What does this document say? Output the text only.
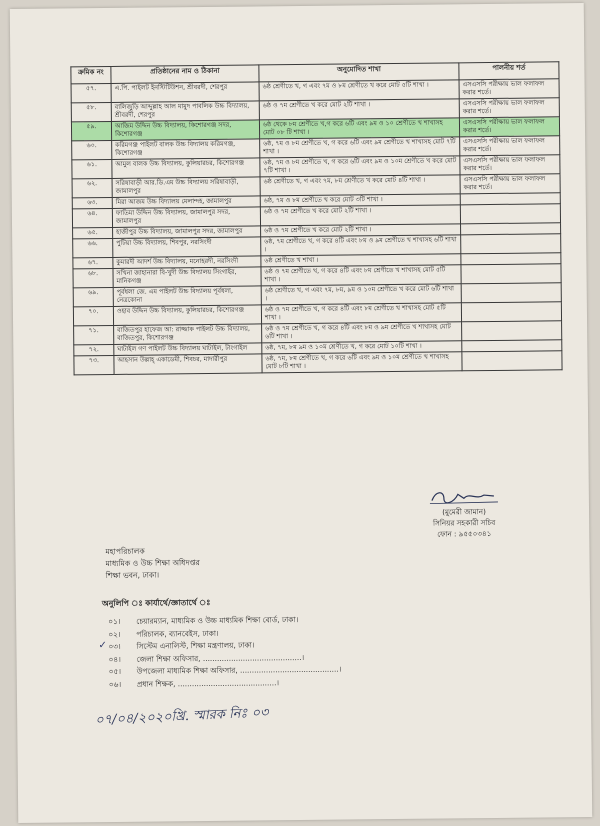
ক্রমিক নং	প্রতিষ্ঠানের নাম ও ঠিকানা	অনুমোদিত শাখা	পালনীয় শর্ত
৫৭.	এ.পি. পাইলট ইনস্টিটিউশন, শ্রীবরদী, শেরপুর	৬ষ্ঠ শ্রেণীতে খ, গ এবং ৭ম ও ৮ম শ্রেণীতে খ করে মোট ৫টি শাখা ।	এসএসসি পরীক্ষায় ভাল ফলাফল করার শর্তে।
৫৮.	বালিজুড়ি আব্দুল্লাহ আল মামুদ পাবলিক উচ্চ বিদ্যালয়, শ্রীবরদী, শেরপুর	৬ষ্ঠ ও ৭ম শ্রেণীতে খ করে মোট ২টি শাখা ।	এসএসসি পরীক্ষায় ভাল ফলাফল করার শর্তে।
৫৯.	আজিম উদ্দিন উচ্চ বিদ্যালয়, কিশোরগঞ্জ সদর, কিশোরগঞ্জ	৬ষ্ঠ থেকে ৮ম শ্রেণীতে খ,গ করে ৬টি এবং ৯ম ও ১০ শ্রেণীতে খ শাখাসহ মোট ০৮ টি শাখা ।	এসএসসি পরীক্ষায় ভাল ফলাফল করার শর্তে।
৬০.	করিমগঞ্জ পাইলট বালক উচ্চ বিদ্যালয় করিমগঞ্জ, কিশোরগঞ্জ	৬ষ্ঠ, ৭ম ও ৮ম শ্রেণীতে খ, গ করে ৬টি এবং ৯ম শ্রেণীতে খ শাখাসহ মোট ৭টি শাখা ।	এসএসসি পরীক্ষায় ভাল ফলাফল করার শর্তে।
৬১.	আমুল বালক উচ্চ বিদ্যালয়, কুলিয়ারচর, কিশোরগঞ্জ	৬ষ্ঠ, ৭ম ও ৮ম শ্রেণীতে খ, গ করে ৬টি এবং ৯ম ও ১০ম শ্রেণীতে খ করে মোট ৭টি শাখা ।	এসএসসি পরীক্ষায় ভাল ফলাফল করার শর্তে।
৬২.	সরিষাবাড়ী আর.ডি.এম উচ্চ বিদ্যালয় সরিষাবাড়ী, জামালপুর	৬ষ্ঠ শ্রেণীতে খ, গ এবং ৭ম, ৮ম শ্রেণীতে খ করে মোট ৪টি শাখা ।	এসএসসি পরীক্ষায় ভাল ফলাফল করার শর্তে।
৬৩.	মিরা আজম উচ্চ বিদ্যালয় মেলান্দহ, জামালপুর	৬ষ্ঠ, ৭ম ও ৮ম শ্রেণীতে খ করে মোট ৩টি শাখা ।	
৬৪.	ফাতিমা উদ্দিন উচ্চ বিদ্যালয়, জামালপুর সদর, জামালপুর	৬ষ্ঠ ও ৭ম শ্রেণীতে খ করে মোট ২টি শাখা ।	
৬৫.	হাজীপুর উচ্চ বিদ্যালয়, জামালপুর সদর, জামালপুর	৬ষ্ঠ ও ৭ম শ্রেণীতে খ করে মোট ২টি শাখা ।	
৬৬.	পুটিয়া উচ্চ বিদ্যালয়, শিবপুর, নরসিংদী	৬ষ্ঠ, ৭ম শ্রেণীতে খ, গ করে ৪টি এবং ৮ম ও ৯ম শ্রেণীতে খ শাখাসহ ৬টি শাখা ।	
৬৭.	কুমারদী আদর্শ উচ্চ বিদ্যালয়, মনোহরদী, নরসিংদী	৬ষ্ঠ শ্রেণীতে খ শাখা ।	
৬৮.	সখিনা জাহানারা বি-খুদী উচ্চ বিদ্যালয় সিংগাইর, মানিকগঞ্জ	৬ষ্ঠ ও ৭ম শ্রেণীতে খ, গ করে ৪টি এবং ৮ম শ্রেণীতে খ শাখাসহ মোট ৫টি শাখা ।	
৬৯.	পূর্বধলা জে. এম পাইলট উচ্চ বিদ্যালয় পূর্বধলা, নেত্রকোনা	৬ষ্ঠ শ্রেণীতে খ, গ এবং ৭ম, ৮ম, ৯ম ও ১০ম শ্রেণীতে খ করে মোট ৬টি শাখা ।	
৭০.	ওহাব উদ্দিন উচ্চ বিদ্যালয়, কুলিয়ারচর, কিশোরগঞ্জ	৬ষ্ঠ ও ৭ম শ্রেণীতে খ, গ করে ৪টি এবং ৮ম শ্রেণীতে খ শাখাসহ মোট ৫টি শাখা ।	
৭১.	বাজিতপুর হাফেজ আ: রাজ্জাক পাইলট উচ্চ বিদ্যালয়, বাজিতপুর, কিশোরগঞ্জ	৬ষ্ঠ ও ৭ম শ্রেণীতে খ, গ করে ৪টি এবং ৮ম ও ৯ম শ্রেণীতে খ শাখাসহ মোট ৬টি শাখা ।	
৭২.	ঘাটাইল গণ পাইলট উচ্চ বিদ্যালয় ঘাটাইল, টাংগাইল	৬ষ্ঠ, ৭ম, ৮ম ৯ম ও ১০ম শ্রেণীতে খ, গ করে মোট ১০টি শাখা ।	
৭৩.	আহসান উল্লাহ্ একাডেমী, শিবচর, মাদারীপুর	৬ষ্ঠ, ৭ম, ৮ম শ্রেণীতে খ, গ করে ৬টি এবং ৯ম ও ১০ম শ্রেণীতে খ শাখাসহ মোট ৮টি শাখা ।	
(মুমেরী জামান)
সিনিয়র সহকারী সচিব
ফোন : ৯৫৫০৩৪১
মহাপরিচালক
মাধ্যমিক ও উচ্চ শিক্ষা অধিদপ্তর
শিক্ষা ভবন, ঢাকা।
অনুলিপি ঃ কার্যার্থে/জ্ঞাতার্থে ঃ
✓
০১।	চেয়ারম্যান, মাধ্যমিক ও উচ্চ মাধ্যমিক শিক্ষা বোর্ড, ঢাকা।
০২।	পরিচালক, ব্যানবেইস, ঢাকা।
০৩।	সিস্টেম এনালিস্ট, শিক্ষা মন্ত্রণালয়, ঢাকা।
০৪।	জেলা শিক্ষা অফিসার, ..........................................।
০৫।	উপজেলা মাধ্যমিক শিক্ষা অফিসার, ..........................................।
০৬।	প্রধান শিক্ষক, ..........................................।
০৭/০৪/২০২০খ্রি. স্মারক নিঃ ০৩
